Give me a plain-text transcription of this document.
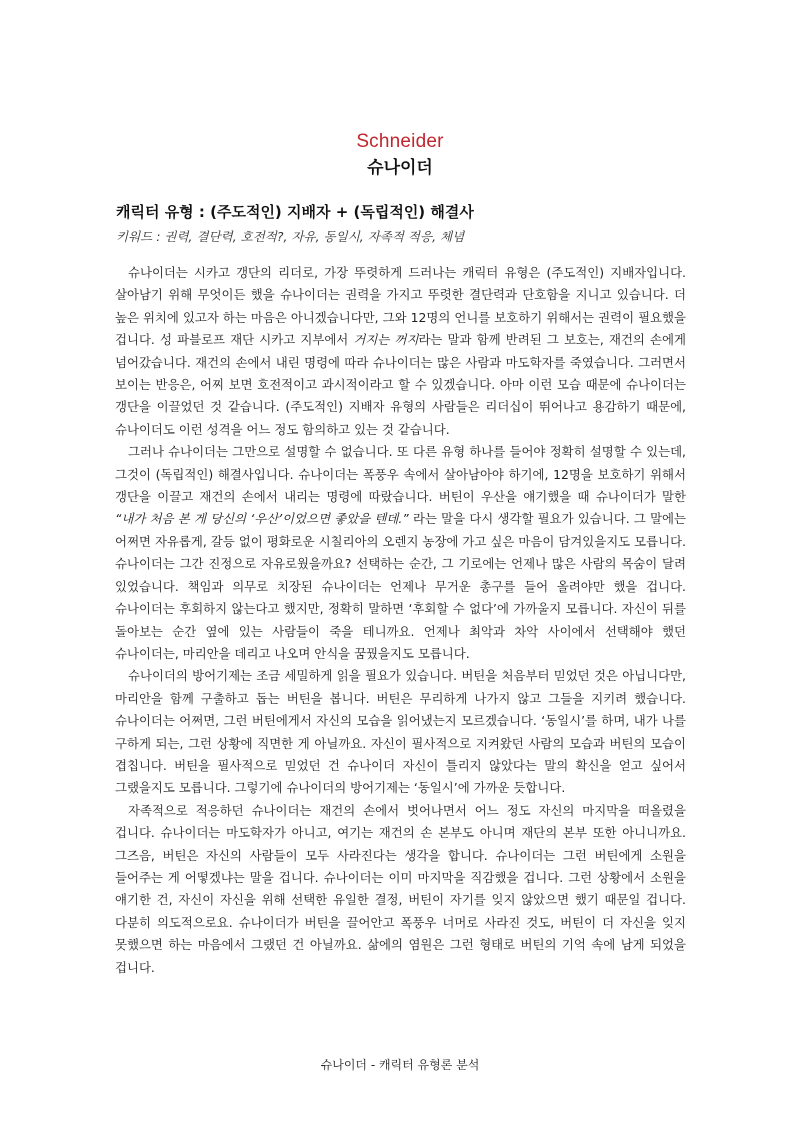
Schneider
슈나이더
캐릭터 유형 : (주도적인) 지배자 + (독립적인) 해결사
키워드 : 권력, 결단력, 호전적?, 자유, 동일시, 자족적 적응, 체념

슈나이더는 시카고 갱단의 리더로, 가장 뚜렷하게 드러나는 캐릭터 유형은 (주도적인) 지배자입니다. 살아남기 위해 무엇이든 했을 슈나이더는 권력을 가지고 뚜렷한 결단력과 단호함을 지니고 있습니다. 더 높은 위치에 있고자 하는 마음은 아니겠습니다만, 그와 12명의 언니를 보호하기 위해서는 권력이 필요했을 겁니다. 성 파블로프 재단 시카고 지부에서 거지는 꺼지라는 말과 함께 반려된 그 보호는, 재건의 손에게 넘어갔습니다. 재건의 손에서 내린 명령에 따라 슈나이더는 많은 사람과 마도학자를 죽였습니다. 그러면서 보이는 반응은, 어찌 보면 호전적이고 과시적이라고 할 수 있겠습니다. 아마 이런 모습 때문에 슈나이더는 갱단을 이끌었던 것 같습니다. (주도적인) 지배자 유형의 사람들은 리더십이 뛰어나고 용감하기 때문에, 슈나이더도 이런 성격을 어느 정도 함의하고 있는 것 같습니다.

그러나 슈나이더는 그만으로 설명할 수 없습니다. 또 다른 유형 하나를 들어야 정확히 설명할 수 있는데, 그것이 (독립적인) 해결사입니다. 슈나이더는 폭풍우 속에서 살아남아야 하기에, 12명을 보호하기 위해서 갱단을 이끌고 재건의 손에서 내리는 명령에 따랐습니다. 버틴이 우산을 얘기했을 때 슈나이더가 말한 “내가 처음 본 게 당신의 ‘우산’이었으면 좋았을 텐데.” 라는 말을 다시 생각할 필요가 있습니다. 그 말에는 어쩌면 자유롭게, 갈등 없이 평화로운 시칠리아의 오렌지 농장에 가고 싶은 마음이 담겨있을지도 모릅니다. 슈나이더는 그간 진정으로 자유로웠을까요? 선택하는 순간, 그 기로에는 언제나 많은 사람의 목숨이 달려 있었습니다. 책임과 의무로 치장된 슈나이더는 언제나 무거운 총구를 들어 올려야만 했을 겁니다. 슈나이더는 후회하지 않는다고 했지만, 정확히 말하면 ‘후회할 수 없다’에 가까울지 모릅니다. 자신이 뒤를 돌아보는 순간 옆에 있는 사람들이 죽을 테니까요. 언제나 최악과 차악 사이에서 선택해야 했던 슈나이더는, 마리안을 데리고 나오며 안식을 꿈꿨을지도 모릅니다.

슈나이더의 방어기제는 조금 세밀하게 읽을 필요가 있습니다. 버틴을 처음부터 믿었던 것은 아닙니다만, 마리안을 함께 구출하고 돕는 버틴을 봅니다. 버틴은 무리하게 나가지 않고 그들을 지키려 했습니다. 슈나이더는 어쩌면, 그런 버틴에게서 자신의 모습을 읽어냈는지 모르겠습니다. ‘동일시’를 하며, 내가 나를 구하게 되는, 그런 상황에 직면한 게 아닐까요. 자신이 필사적으로 지켜왔던 사람의 모습과 버틴의 모습이 겹칩니다. 버틴을 필사적으로 믿었던 건 슈나이더 자신이 틀리지 않았다는 말의 확신을 얻고 싶어서 그랬을지도 모릅니다. 그렇기에 슈나이더의 방어기제는 ‘동일시’에 가까운 듯합니다.

자족적으로 적응하던 슈나이더는 재건의 손에서 벗어나면서 어느 정도 자신의 마지막을 떠올렸을 겁니다. 슈나이더는 마도학자가 아니고, 여기는 재건의 손 본부도 아니며 재단의 본부 또한 아니니까요. 그즈음, 버틴은 자신의 사람들이 모두 사라진다는 생각을 합니다. 슈나이더는 그런 버틴에게 소원을 들어주는 게 어떻겠냐는 말을 겁니다. 슈나이더는 이미 마지막을 직감했을 겁니다. 그런 상황에서 소원을 얘기한 건, 자신이 자신을 위해 선택한 유일한 결정, 버틴이 자기를 잊지 않았으면 했기 때문일 겁니다. 다분히 의도적으로요. 슈나이더가 버틴을 끌어안고 폭풍우 너머로 사라진 것도, 버틴이 더 자신을 잊지 못했으면 하는 마음에서 그랬던 건 아닐까요. 삶에의 염원은 그런 형태로 버틴의 기억 속에 남게 되었을 겁니다.

슈나이더 - 캐릭터 유형론 분석
